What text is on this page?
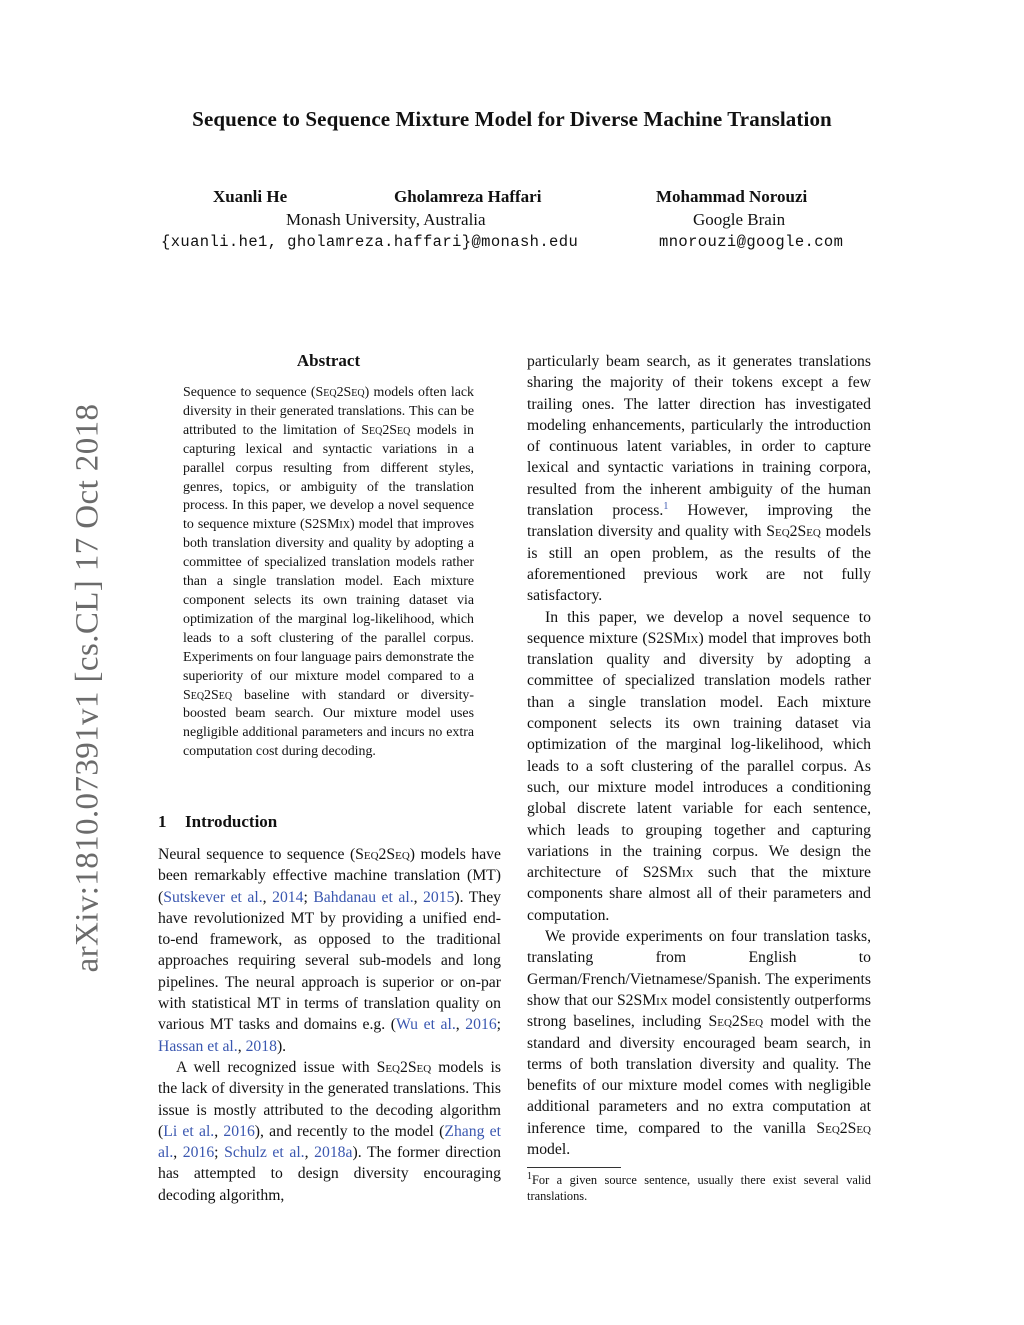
arXiv:1810.07391v1 [cs.CL] 17 Oct 2018
Sequence to Sequence Mixture Model for Diverse Machine Translation
Xuanli He	Gholamreza Haffari	Mohammad Norouzi
Monash University, Australia	Google Brain
{xuanli.he1, gholamreza.haffari}@monash.edu	mnorouzi@google.com
Abstract
Sequence to sequence (Seq2Seq) models often lack diversity in their generated translations. This can be attributed to the limitation of Seq2Seq models in capturing lexical and syntactic variations in a parallel corpus resulting from different styles, genres, topics, or ambiguity of the translation process. In this paper, we develop a novel sequence to sequence mixture (S2SMix) model that improves both translation diversity and quality by adopting a committee of specialized translation models rather than a single translation model. Each mixture component selects its own training dataset via optimization of the marginal log-likelihood, which leads to a soft clustering of the parallel corpus. Experiments on four language pairs demonstrate the superiority of our mixture model compared to a Seq2Seq baseline with standard or diversity-boosted beam search. Our mixture model uses negligible additional parameters and incurs no extra computation cost during decoding.
1 Introduction

Neural sequence to sequence (Seq2Seq) models have been remarkably effective machine translation (MT) (Sutskever et al., 2014; Bahdanau et al., 2015). They have revolutionized MT by providing a unified end-to-end framework, as opposed to the traditional approaches requiring several sub-models and long pipelines. The neural approach is superior or on-par with statistical MT in terms of translation quality on various MT tasks and domains e.g. (Wu et al., 2016; Hassan et al., 2018).

A well recognized issue with Seq2Seq models is the lack of diversity in the generated translations. This issue is mostly attributed to the decoding algorithm (Li et al., 2016), and recently to the model (Zhang et al., 2016; Schulz et al., 2018a). The former direction has attempted to design diversity encouraging decoding algorithm,

particularly beam search, as it generates translations sharing the majority of their tokens except a few trailing ones. The latter direction has investigated modeling enhancements, particularly the introduction of continuous latent variables, in order to capture lexical and syntactic variations in training corpora, resulted from the inherent ambiguity of the human translation process.$^1$ However, improving the translation diversity and quality with Seq2Seq models is still an open problem, as the results of the aforementioned previous work are not fully satisfactory.

In this paper, we develop a novel sequence to sequence mixture (S2SMix) model that improves both translation quality and diversity by adopting a committee of specialized translation models rather than a single translation model. Each mixture component selects its own training dataset via optimization of the marginal log-likelihood, which leads to a soft clustering of the parallel corpus. As such, our mixture model introduces a conditioning global discrete latent variable for each sentence, which leads to grouping together and capturing variations in the training corpus. We design the architecture of S2SMix such that the mixture components share almost all of their parameters and computation.

We provide experiments on four translation tasks, translating from English to German/French/Vietnamese/Spanish. The experiments show that our S2SMix model consistently outperforms strong baselines, including Seq2Seq model with the standard and diversity encouraged beam search, in terms of both translation diversity and quality. The benefits of our mixture model comes with negligible additional parameters and no extra computation at inference time, compared to the vanilla Seq2Seq model.

$^1$For a given source sentence, usually there exist several valid translations.
